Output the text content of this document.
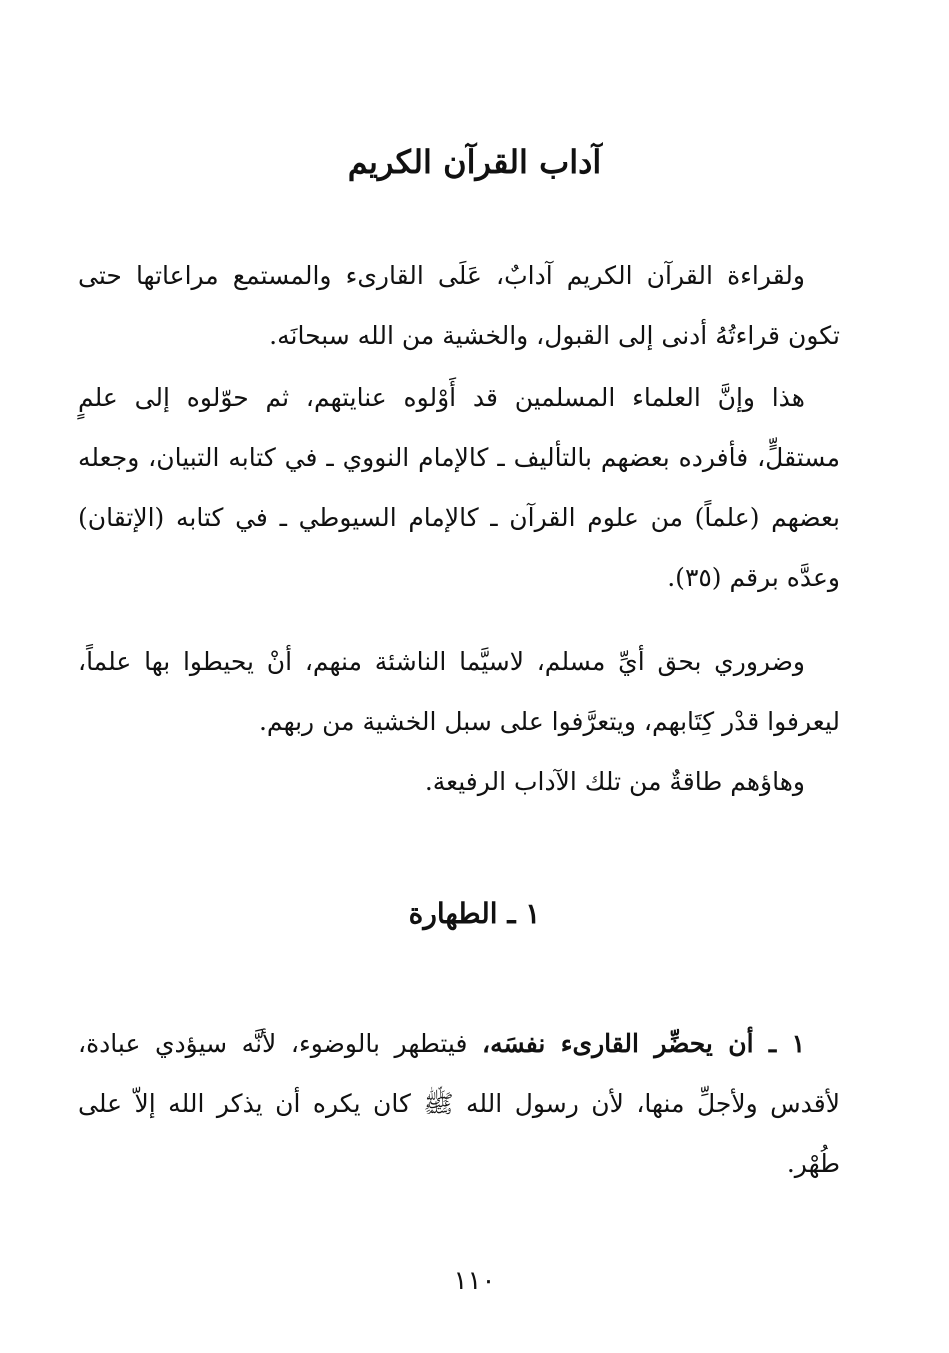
آداب القرآن الكريم

ولقراءة القرآن الكريم آدابٌ، عَلَى القارىء والمستمع مراعاتها حتى تكون قراءتُهُ أدنى إلى القبول، والخشية من الله سبحانَه.

هذا وإنَّ العلماء المسلمين قد أَوْلوه عنايتهم، ثم حوّلوه إلى علمٍ مستقلٍّ، فأفرده بعضهم بالتأليف ـ كالإمام النووي ـ في كتابه التبيان، وجعله بعضهم (علماً) من علوم القرآن ـ كالإمام السيوطي ـ في كتابه (الإتقان) وعدَّه برقم (٣٥).

وضروري بحق أيِّ مسلم، لاسيَّما الناشئة منهم، أنْ يحيطوا بها علماً، ليعرفوا قدْر كِتَابهم، ويتعرَّفوا على سبل الخشية من ربهم.

وهاؤهم طاقةٌ من تلك الآداب الرفيعة.

١ ـ الطهارة

١ ـ أن يحضِّر القارىء نفسَه، فيتطهر بالوضوء، لأنَّه سيؤدي عبادة، لأقدس ولأجلِّ منها، لأن رسول الله ﷺ كان يكره أن يذكر الله إلاّ على طُهْر.

١١٠
